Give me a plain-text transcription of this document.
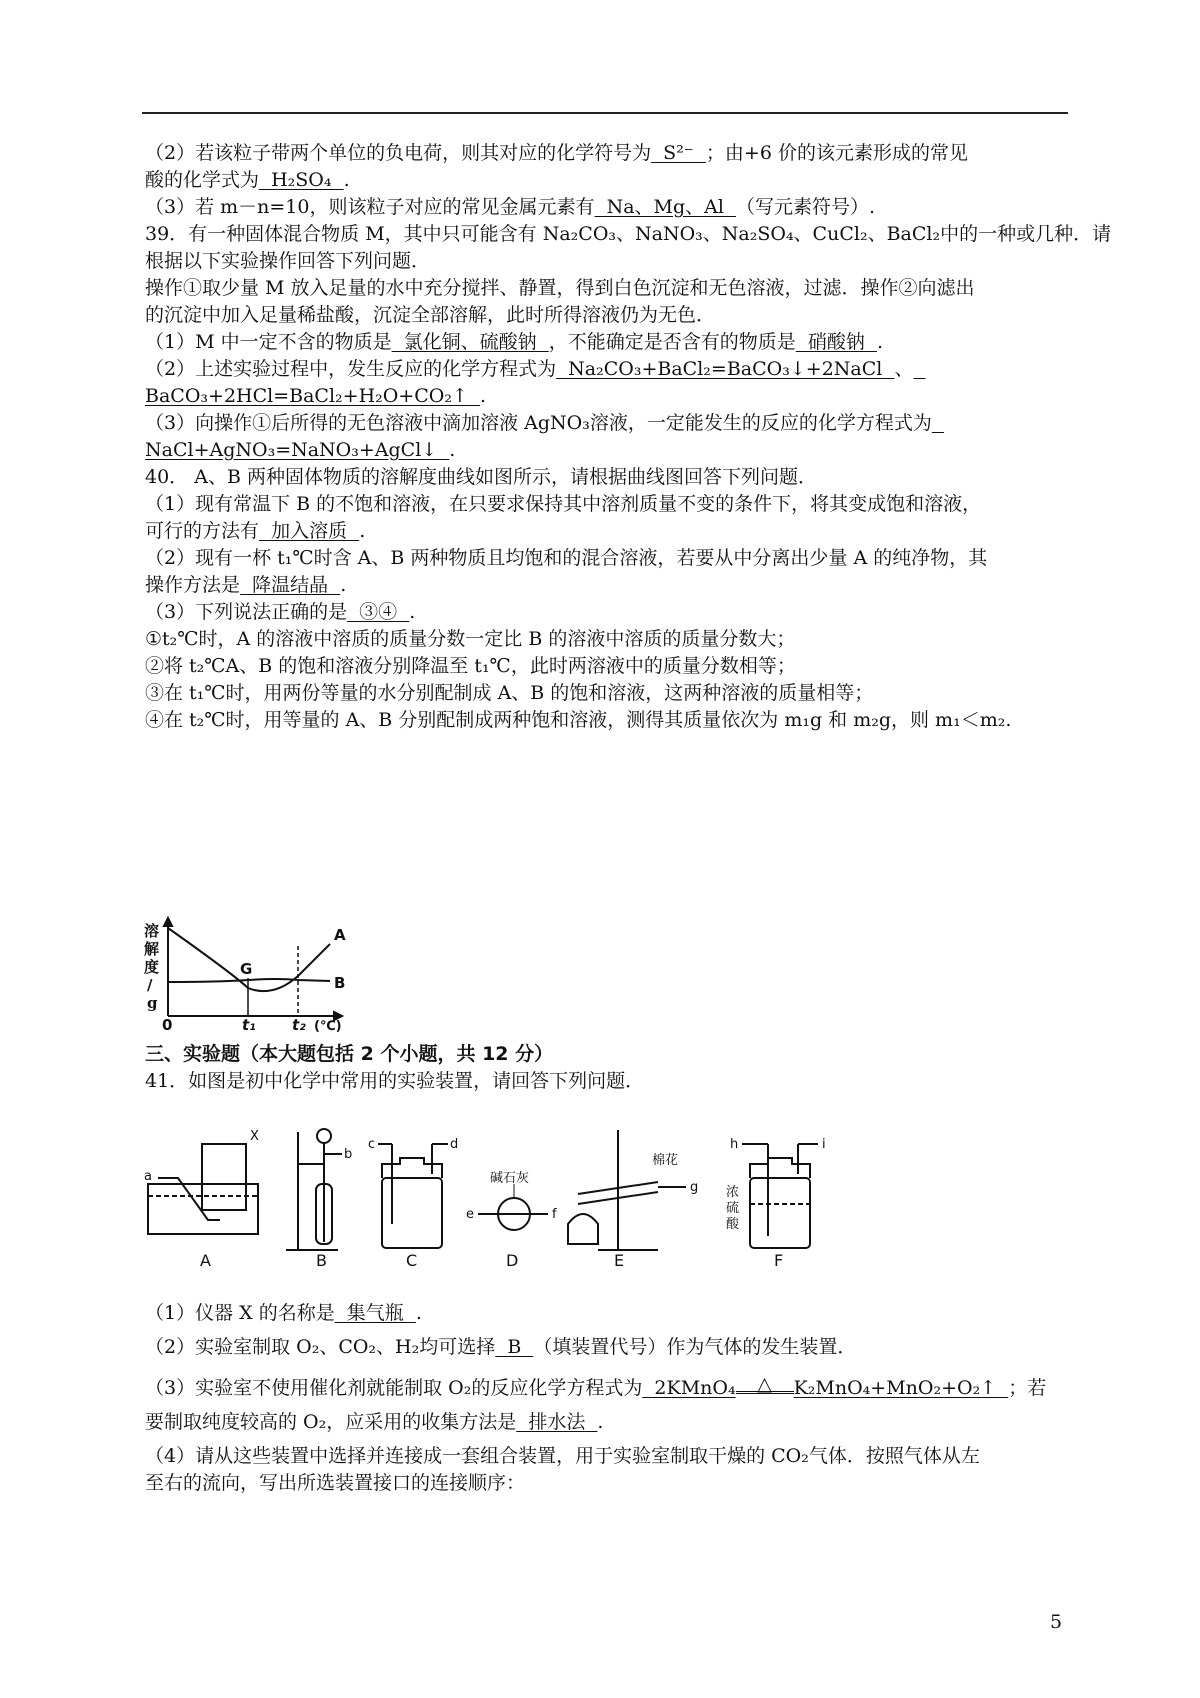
（2）若该粒子带两个单位的负电荷，则其对应的化学符号为  S²⁻  ；由+6 价的该元素形成的常见

酸的化学式为  H₂SO₄  .

（3）若 m－n=10，则该粒子对应的常见金属元素有  Na、Mg、Al  （写元素符号）.

39．有一种固体混合物质 M，其中只可能含有 Na₂CO₃、NaNO₃、Na₂SO₄、CuCl₂、BaCl₂中的一种或几种．请

根据以下实验操作回答下列问题．

操作①取少量 M 放入足量的水中充分搅拌、静置，得到白色沉淀和无色溶液，过滤．操作②向滤出

的沉淀中加入足量稀盐酸，沉淀全部溶解，此时所得溶液仍为无色．

（1）M 中一定不含的物质是  氯化铜、硫酸钠  ，不能确定是否含有的物质是  硝酸钠  .

（2）上述实验过程中，发生反应的化学方程式为  Na₂CO₃+BaCl₂=BaCO₃↓+2NaCl  、

BaCO₃+2HCl=BaCl₂+H₂O+CO₂↑  .

（3）向操作①后所得的无色溶液中滴加溶液 AgNO₃溶液，一定能发生的反应的化学方程式为

NaCl+AgNO₃=NaNO₃+AgCl↓  .

40． A、B 两种固体物质的溶解度曲线如图所示，请根据曲线图回答下列问题．

（1）现有常温下 B 的不饱和溶液，在只要求保持其中溶剂质量不变的条件下，将其变成饱和溶液，

可行的方法有  加入溶质  .

（2）现有一杯 t₁℃时含 A、B 两种物质且均饱和的混合溶液，若要从中分离出少量 A 的纯净物，其

操作方法是  降温结晶  .

（3）下列说法正确的是  ③④  .

①t₂℃时，A 的溶液中溶质的质量分数一定比 B 的溶液中溶质的质量分数大；

②将 t₂℃A、B 的饱和溶液分别降温至 t₁℃，此时两溶液中的质量分数相等；

③在 t₁℃时，用两份等量的水分别配制成 A、B 的饱和溶液，这两种溶液的质量相等；

④在 t₂℃时，用等量的 A、B 分别配制成两种饱和溶液，测得其质量依次为 m₁g 和 m₂g，则 m₁＜m₂.

溶
解
度
/
g
0	t₁ t₂ (℃)
A
B
G

三、实验题（本大题包括 2 个小题，共 12 分）

41．如图是初中化学中常用的实验装置，请回答下列问题．

A	B	C	D	E	F
a
b
c	d
e	f
g
h	i
X
碱石灰
棉花
浓
硫
酸

（1）仪器 X 的名称是  集气瓶  .

（2）实验室制取 O₂、CO₂、H₂均可选择  B  （填装置代号）作为气体的发生装置．

（3）实验室不使用催化剂就能制取 O₂的反应化学方程式为  2KMnO₄ △ K₂MnO₄+MnO₂+O₂↑  ；若

要制取纯度较高的 O₂，应采用的收集方法是  排水法  .

（4）请从这些装置中选择并连接成一套组合装置，用于实验室制取干燥的 CO₂气体．按照气体从左

至右的流向，写出所选装置接口的连接顺序：

5
